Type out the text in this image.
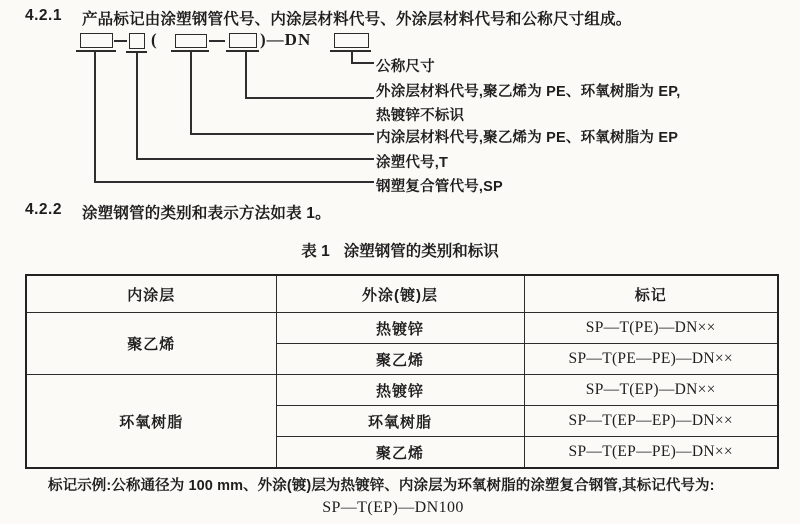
4.2.1 产品标记由涂塑钢管代号、内涂层材料代号、外涂层材料代号和公称尺寸组成。
(	)—DN
公称尺寸
外涂层材料代号,聚乙烯为 PE、环氧树脂为 EP,
热镀锌不标识
内涂层材料代号,聚乙烯为 PE、环氧树脂为 EP
涂塑代号,T
钢塑复合管代号,SP
4.2.2 涂塑钢管的类别和表示方法如表 1。
表 1 涂塑钢管的类别和标识
内涂层	外涂(镀)层	标记
聚乙烯	热镀锌	SP—T(PE)—DN××
	聚乙烯	SP—T(PE—PE)—DN××
环氧树脂	热镀锌	SP—T(EP)—DN××
	环氧树脂	SP—T(EP—EP)—DN××
	聚乙烯	SP—T(EP—PE)—DN××
标记示例:公称通径为 100 mm、外涂(镀)层为热镀锌、内涂层为环氧树脂的涂塑复合钢管,其标记代号为:
SP—T(EP)—DN100
